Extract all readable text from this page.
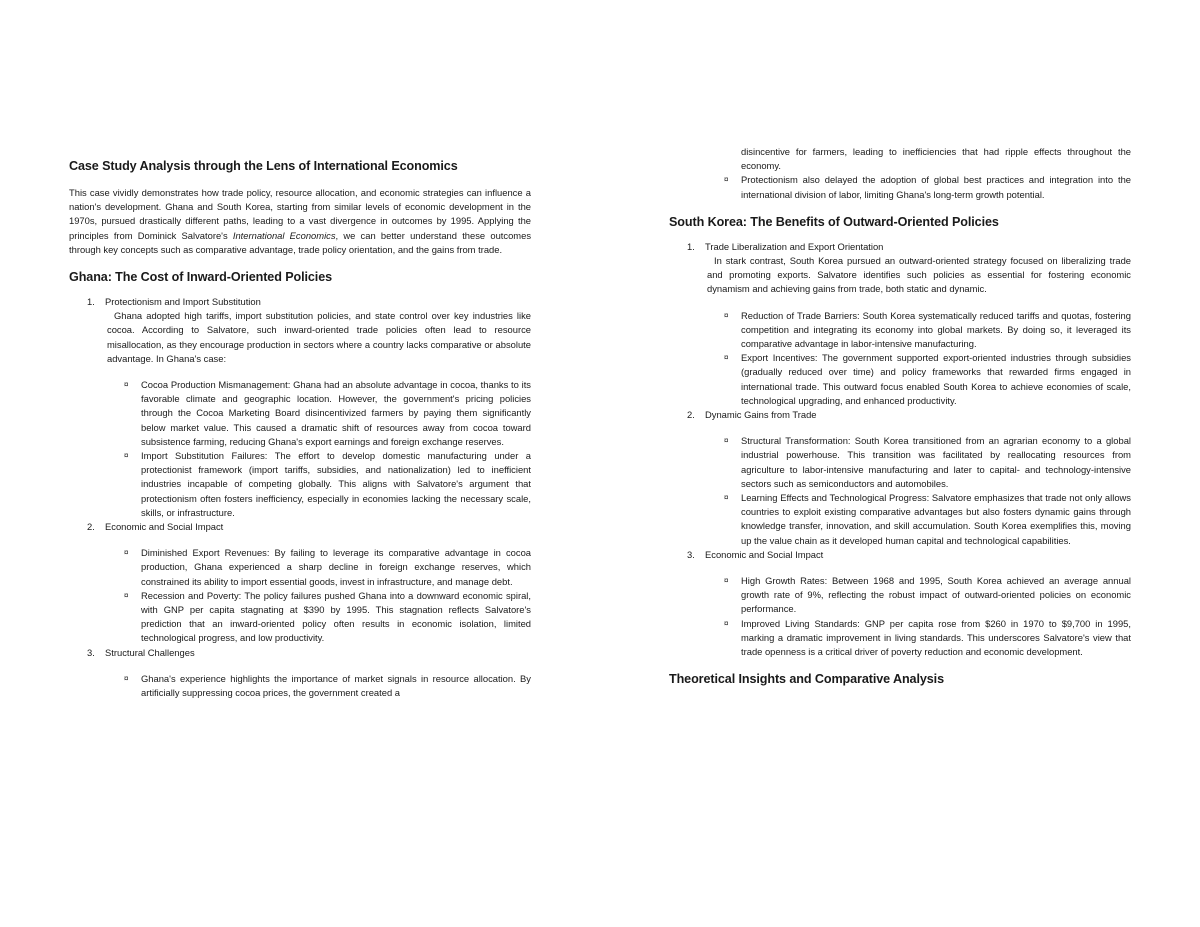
Case Study Analysis through the Lens of International Economics

This case vividly demonstrates how trade policy, resource allocation, and economic strategies can influence a nation's development. Ghana and South Korea, starting from similar levels of economic development in the 1970s, pursued drastically different paths, leading to a vast divergence in outcomes by 1995. Applying the principles from Dominick Salvatore's International Economics, we can better understand these outcomes through key concepts such as comparative advantage, trade policy orientation, and the gains from trade.

Ghana: The Cost of Inward-Oriented Policies
1. Protectionism and Import Substitution
Ghana adopted high tariffs, import substitution policies, and state control over key industries like cocoa. According to Salvatore, such inward-oriented trade policies often lead to resource misallocation, as they encourage production in sectors where a country lacks comparative or absolute advantage. In Ghana's case:
¤ Cocoa Production Mismanagement: Ghana had an absolute advantage in cocoa, thanks to its favorable climate and geographic location. However, the government's pricing policies through the Cocoa Marketing Board disincentivized farmers by paying them significantly below market value. This caused a dramatic shift of resources away from cocoa toward subsistence farming, reducing Ghana's export earnings and foreign exchange reserves.
¤ Import Substitution Failures: The effort to develop domestic manufacturing under a protectionist framework (import tariffs, subsidies, and nationalization) led to inefficient industries incapable of competing globally. This aligns with Salvatore's argument that protectionism often fosters inefficiency, especially in economies lacking the necessary scale, skills, or infrastructure.
2. Economic and Social Impact
¤ Diminished Export Revenues: By failing to leverage its comparative advantage in cocoa production, Ghana experienced a sharp decline in foreign exchange reserves, which constrained its ability to import essential goods, invest in infrastructure, and manage debt.
¤ Recession and Poverty: The policy failures pushed Ghana into a downward economic spiral, with GNP per capita stagnating at $390 by 1995. This stagnation reflects Salvatore's prediction that an inward-oriented policy often results in economic isolation, limited technological progress, and low productivity.
3. Structural Challenges
¤ Ghana's experience highlights the importance of market signals in resource allocation. By artificially suppressing cocoa prices, the government created a
disincentive for farmers, leading to inefficiencies that had ripple effects throughout the economy.
¤ Protectionism also delayed the adoption of global best practices and integration into the international division of labor, limiting Ghana's long-term growth potential.
South Korea: The Benefits of Outward-Oriented Policies
1. Trade Liberalization and Export Orientation
In stark contrast, South Korea pursued an outward-oriented strategy focused on liberalizing trade and promoting exports. Salvatore identifies such policies as essential for fostering economic dynamism and achieving gains from trade, both static and dynamic.
¤ Reduction of Trade Barriers: South Korea systematically reduced tariffs and quotas, fostering competition and integrating its economy into global markets. By doing so, it leveraged its comparative advantage in labor-intensive manufacturing.
¤ Export Incentives: The government supported export-oriented industries through subsidies (gradually reduced over time) and policy frameworks that rewarded firms engaged in international trade. This outward focus enabled South Korea to achieve economies of scale, technological upgrading, and enhanced productivity.
2. Dynamic Gains from Trade
¤ Structural Transformation: South Korea transitioned from an agrarian economy to a global industrial powerhouse. This transition was facilitated by reallocating resources from agriculture to labor-intensive manufacturing and later to capital- and technology-intensive sectors such as semiconductors and automobiles.
¤ Learning Effects and Technological Progress: Salvatore emphasizes that trade not only allows countries to exploit existing comparative advantages but also fosters dynamic gains through knowledge transfer, innovation, and skill accumulation. South Korea exemplifies this, moving up the value chain as it developed human capital and technological capabilities.
3. Economic and Social Impact
¤ High Growth Rates: Between 1968 and 1995, South Korea achieved an average annual growth rate of 9%, reflecting the robust impact of outward-oriented policies on economic performance.
¤ Improved Living Standards: GNP per capita rose from $260 in 1970 to $9,700 in 1995, marking a dramatic improvement in living standards. This underscores Salvatore's view that trade openness is a critical driver of poverty reduction and economic development.
Theoretical Insights and Comparative Analysis
